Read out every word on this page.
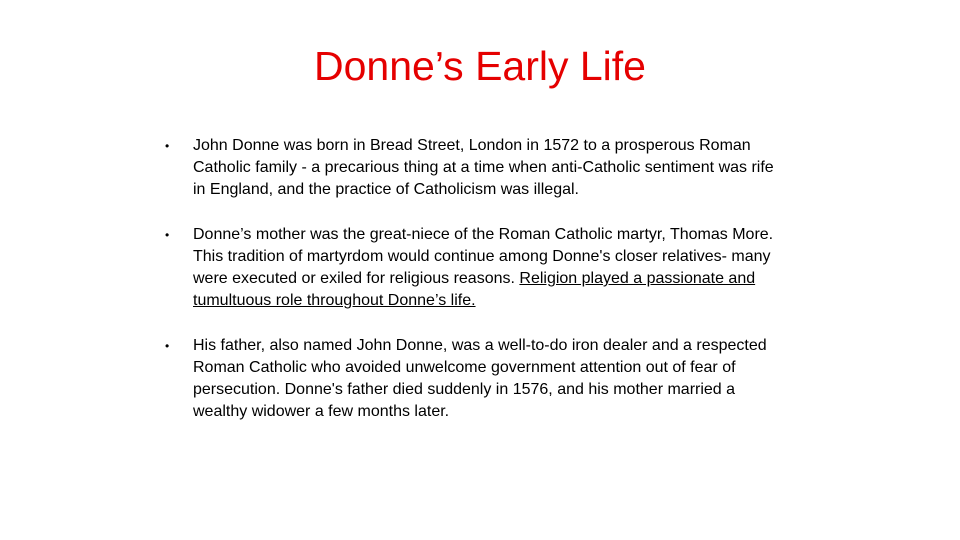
Donne’s Early Life
• John Donne was born in Bread Street, London in 1572 to a prosperous Roman Catholic family - a precarious thing at a time when anti-Catholic sentiment was rife in England, and the practice of Catholicism was illegal.
• Donne’s mother was the great-niece of the Roman Catholic martyr, Thomas More. This tradition of martyrdom would continue among Donne's closer relatives- many were executed or exiled for religious reasons. Religion played a passionate and tumultuous role throughout Donne’s life.
• His father, also named John Donne, was a well-to-do iron dealer and a respected Roman Catholic who avoided unwelcome government attention out of fear of persecution. Donne's father died suddenly in 1576, and his mother married a wealthy widower a few months later.
